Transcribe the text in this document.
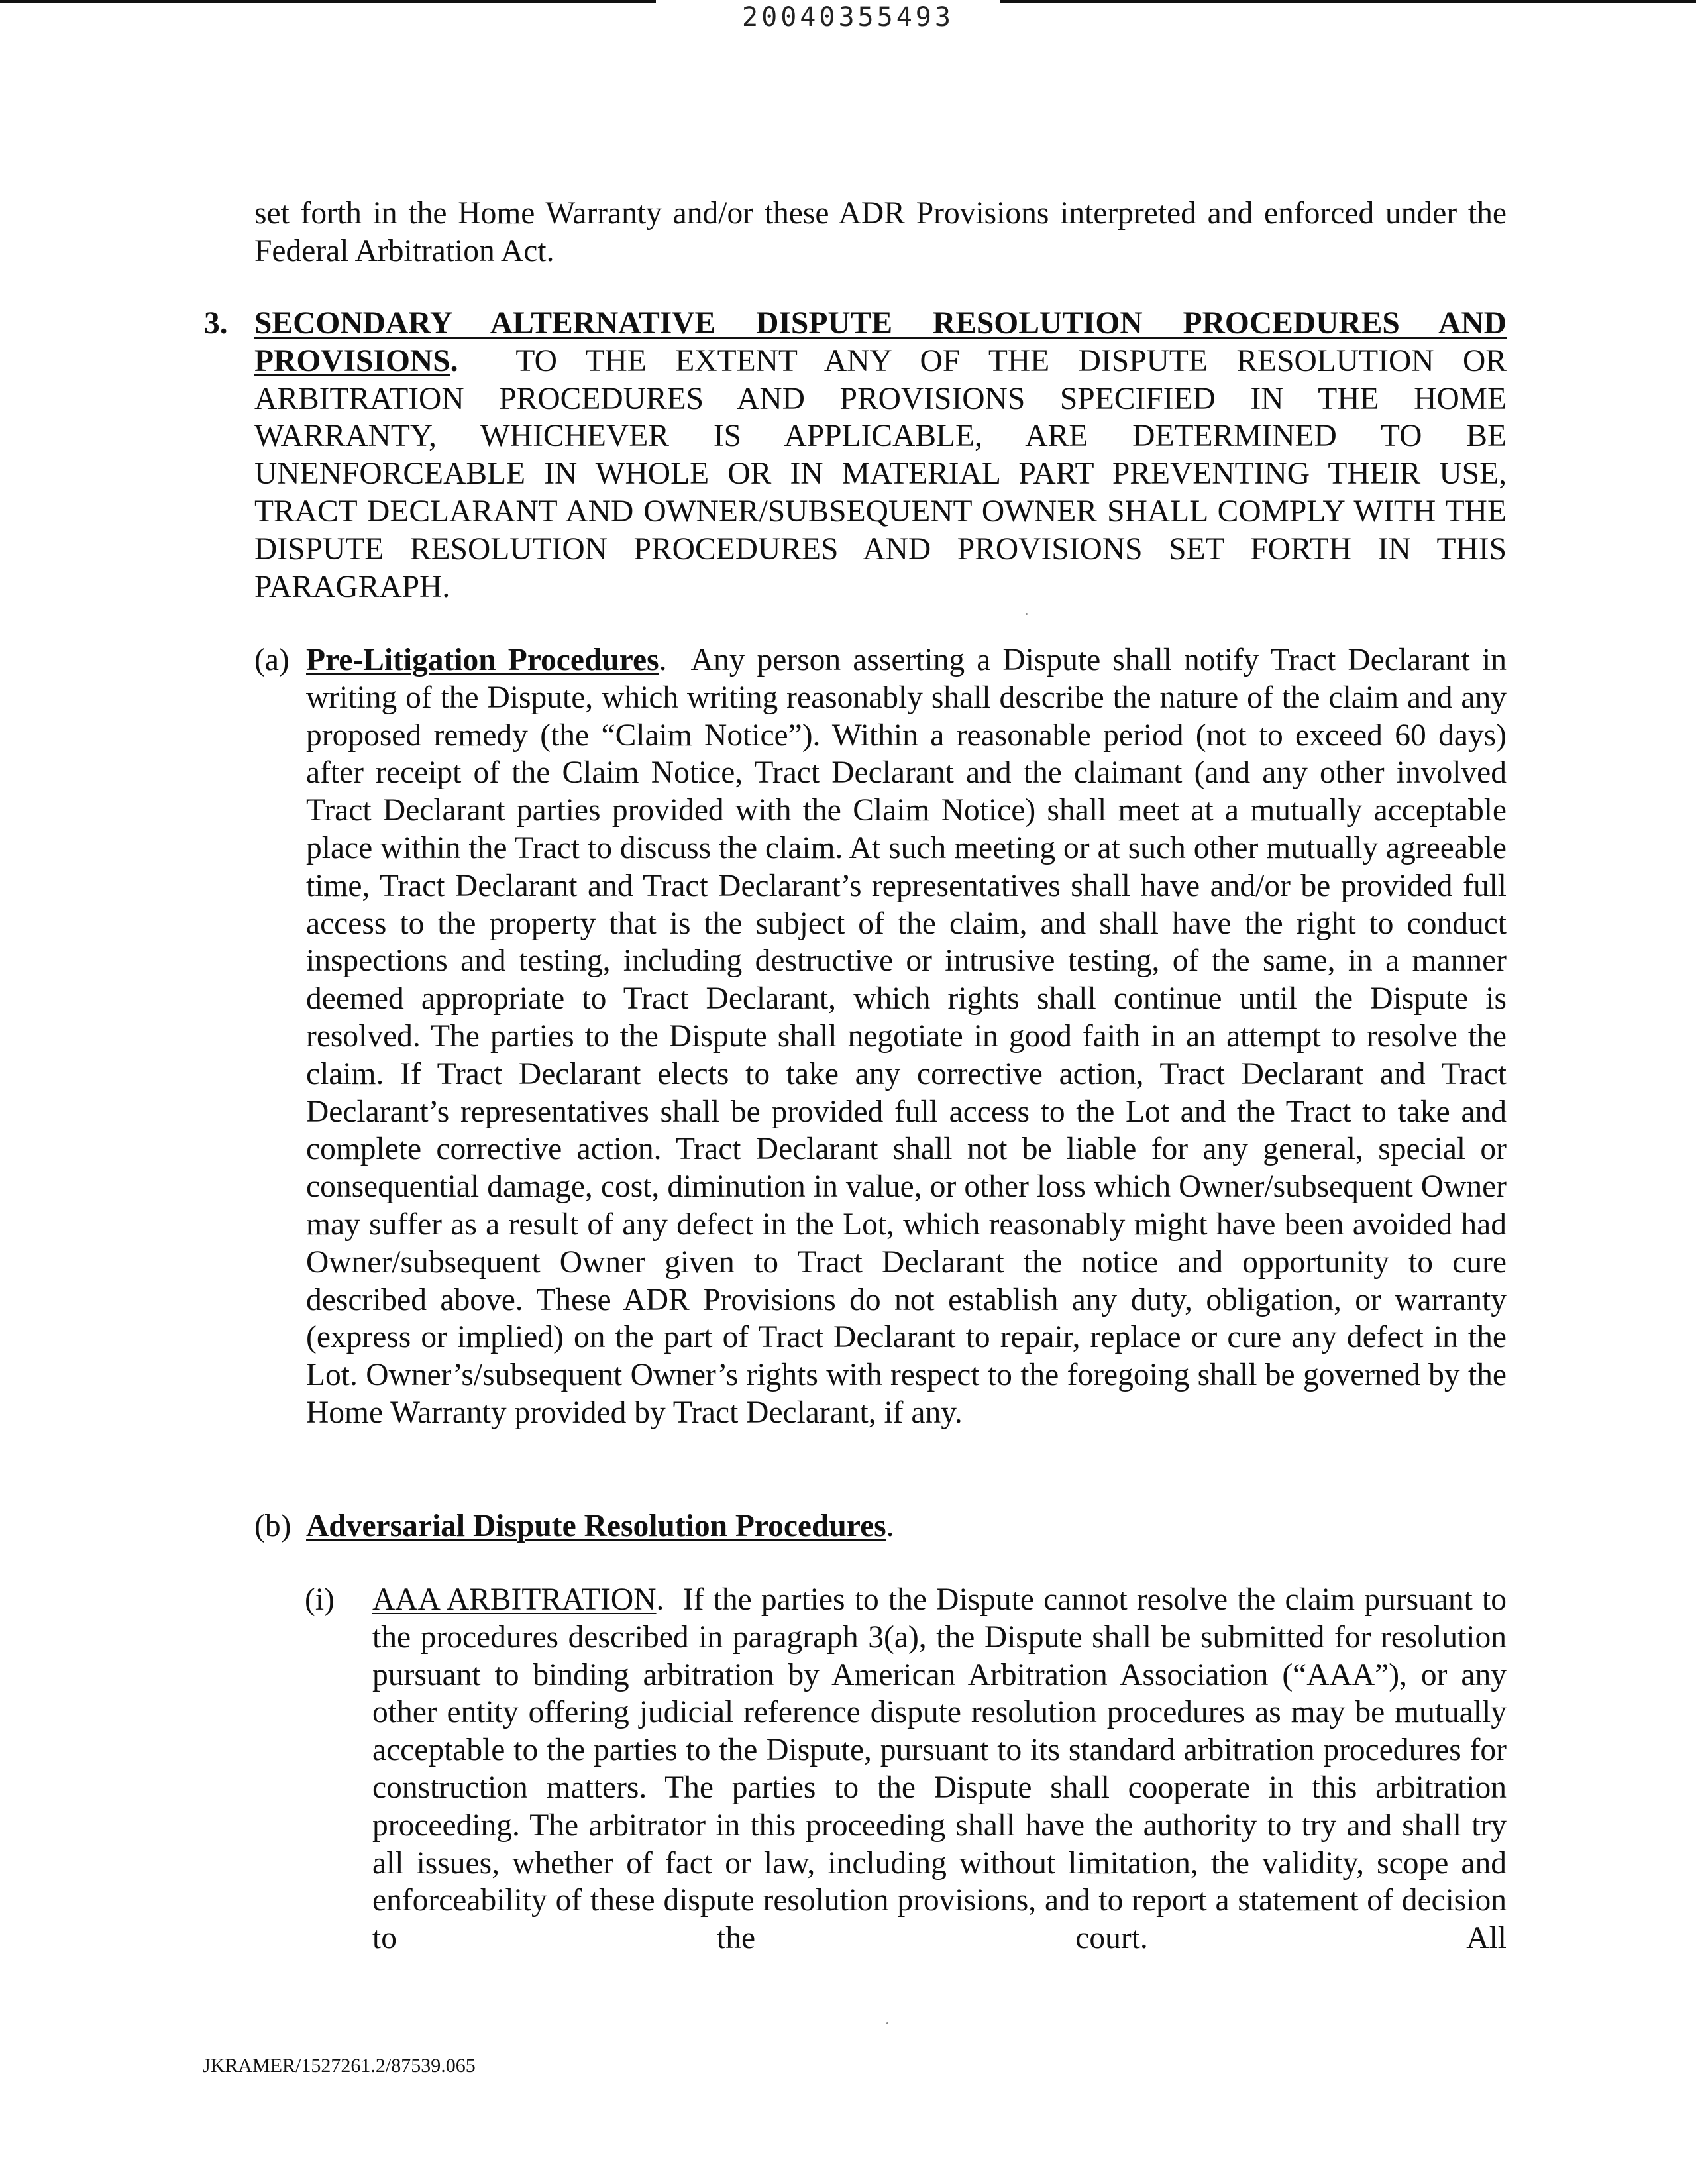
20040355493

set forth in the Home Warranty and/or these ADR Provisions interpreted and enforced under the Federal Arbitration Act.

3. SECONDARY ALTERNATIVE DISPUTE RESOLUTION PROCEDURES AND PROVISIONS. TO THE EXTENT ANY OF THE DISPUTE RESOLUTION OR ARBITRATION PROCEDURES AND PROVISIONS SPECIFIED IN THE HOME WARRANTY, WHICHEVER IS APPLICABLE, ARE DETERMINED TO BE UNENFORCEABLE IN WHOLE OR IN MATERIAL PART PREVENTING THEIR USE, TRACT DECLARANT AND OWNER/SUBSEQUENT OWNER SHALL COMPLY WITH THE DISPUTE RESOLUTION PROCEDURES AND PROVISIONS SET FORTH IN THIS PARAGRAPH.

(a) Pre-Litigation Procedures. Any person asserting a Dispute shall notify Tract Declarant in writing of the Dispute, which writing reasonably shall describe the nature of the claim and any proposed remedy (the “Claim Notice”). Within a reasonable period (not to exceed 60 days) after receipt of the Claim Notice, Tract Declarant and the claimant (and any other involved Tract Declarant parties provided with the Claim Notice) shall meet at a mutually acceptable place within the Tract to discuss the claim. At such meeting or at such other mutually agreeable time, Tract Declarant and Tract Declarant’s representatives shall have and/or be provided full access to the property that is the subject of the claim, and shall have the right to conduct inspections and testing, including destructive or intrusive testing, of the same, in a manner deemed appropriate to Tract Declarant, which rights shall continue until the Dispute is resolved. The parties to the Dispute shall negotiate in good faith in an attempt to resolve the claim. If Tract Declarant elects to take any corrective action, Tract Declarant and Tract Declarant’s representatives shall be provided full access to the Lot and the Tract to take and complete corrective action. Tract Declarant shall not be liable for any general, special or consequential damage, cost, diminution in value, or other loss which Owner/subsequent Owner may suffer as a result of any defect in the Lot, which reasonably might have been avoided had Owner/subsequent Owner given to Tract Declarant the notice and opportunity to cure described above. These ADR Provisions do not establish any duty, obligation, or warranty (express or implied) on the part of Tract Declarant to repair, replace or cure any defect in the Lot. Owner’s/subsequent Owner’s rights with respect to the foregoing shall be governed by the Home Warranty provided by Tract Declarant, if any.

(b) Adversarial Dispute Resolution Procedures.

(i) AAA ARBITRATION. If the parties to the Dispute cannot resolve the claim pursuant to the procedures described in paragraph 3(a), the Dispute shall be submitted for resolution pursuant to binding arbitration by American Arbitration Association (“AAA”), or any other entity offering judicial reference dispute resolution procedures as may be mutually acceptable to the parties to the Dispute, pursuant to its standard arbitration procedures for construction matters. The parties to the Dispute shall cooperate in this arbitration proceeding. The arbitrator in this proceeding shall have the authority to try and shall try all issues, whether of fact or law, including without limitation, the validity, scope and enforceability of these dispute resolution provisions, and to report a statement of decision to the court. All

JKRAMER/1527261.2/87539.065
